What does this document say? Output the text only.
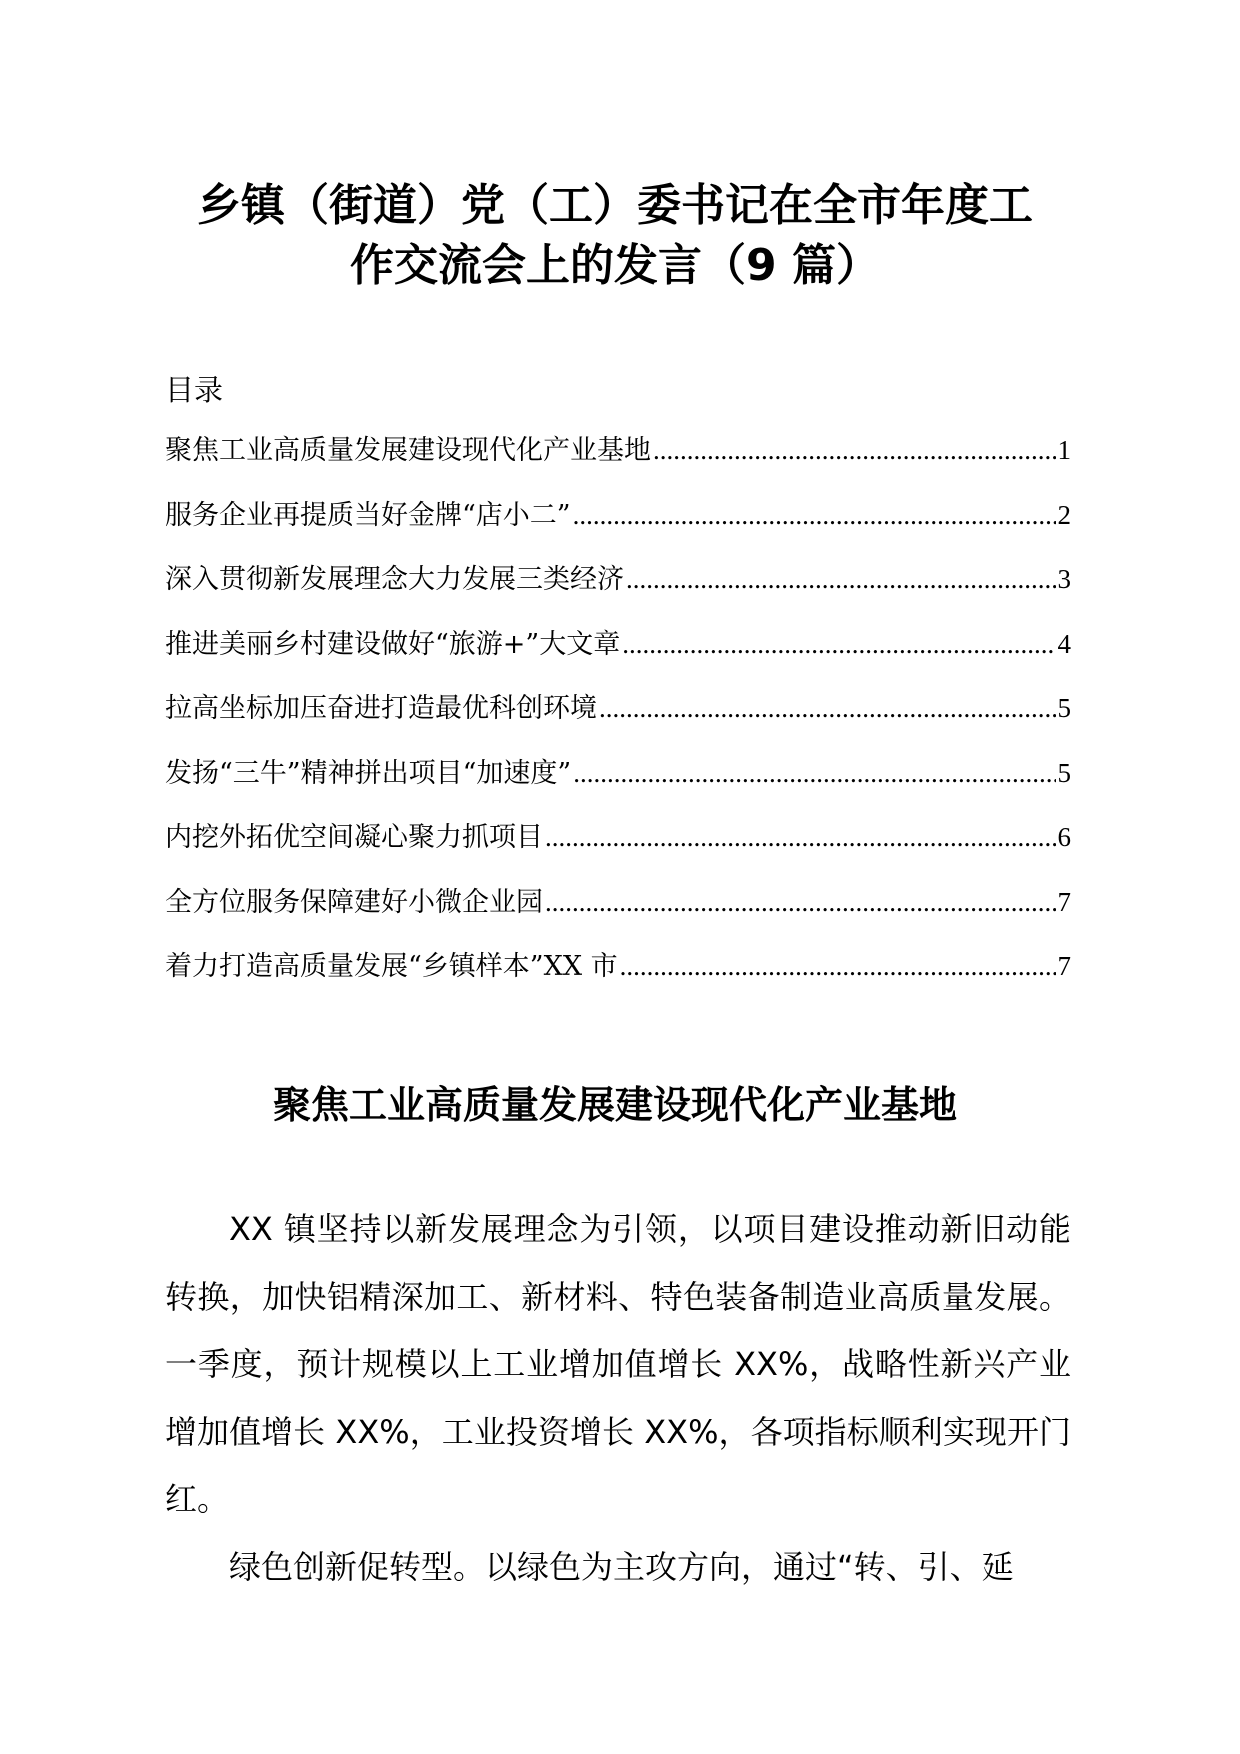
乡镇（街道）党（工）委书记在全市年度工
作交流会上的发言（9 篇）
目录
聚焦工业高质量发展建设现代化产业基地 .....	1
服务企业再提质当好金牌“店小二” .....	2
深入贯彻新发展理念大力发展三类经济 .....	3
推进美丽乡村建设做好“旅游+”大文章 .....	4
拉高坐标加压奋进打造最优科创环境 .....	5
发扬“三牛”精神拼出项目“加速度” .....	5
内挖外拓优空间凝心聚力抓项目 .....	6
全方位服务保障建好小微企业园 .....	7
着力打造高质量发展“乡镇样本”XX 市 .....	7
聚焦工业高质量发展建设现代化产业基地

XX 镇坚持以新发展理念为引领，以项目建设推动新旧动能转换，加快铝精深加工、新材料、特色装备制造业高质量发展。一季度，预计规模以上工业增加值增长 XX%，战略性新兴产业增加值增长 XX%，工业投资增长 XX%，各项指标顺利实现开门红。

绿色创新促转型。以绿色为主攻方向，通过“转、引、延
